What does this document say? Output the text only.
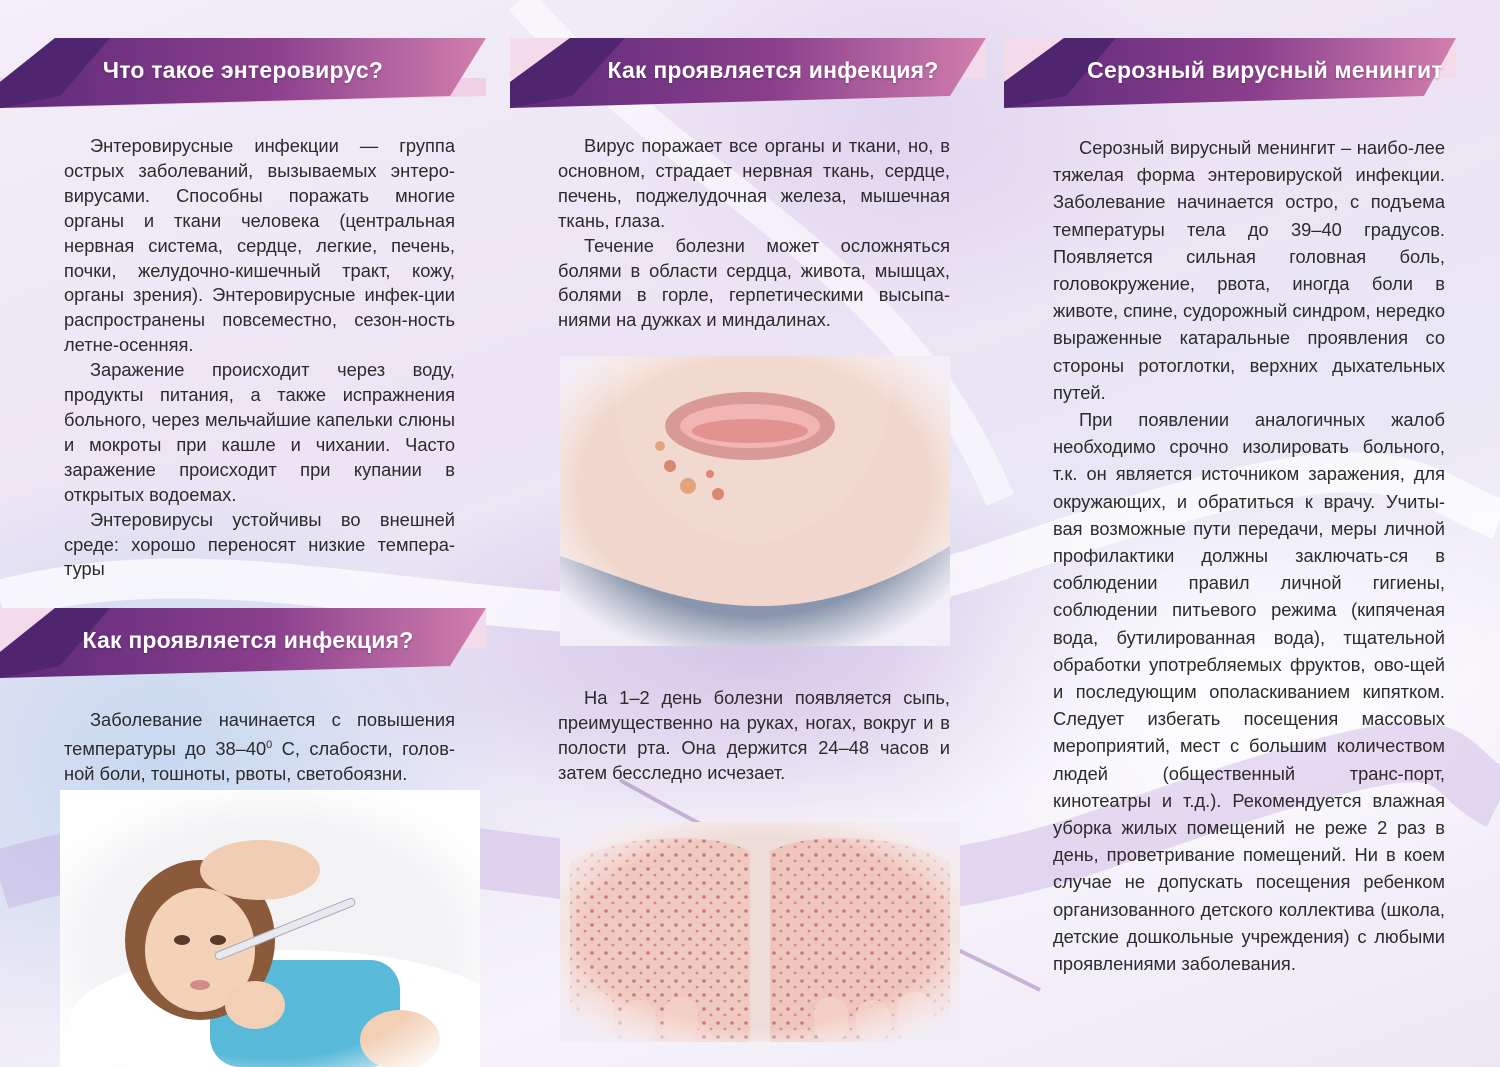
Что такое энтеровирус?	Как проявляется инфекция?	Серозный вирусный менингит
Как проявляется инфекция?

Энтеровирусные инфекции — группа острых заболеваний, вызываемых энтеро-вирусами. Способны поражать многие органы и ткани человека (центральная нервная система, сердце, легкие, печень, почки, желудочно-кишечный тракт, кожу, органы зрения). Энтеровирусные инфек-ции распространены повсеместно, сезон-ность летне-осенняя.

Заражение происходит через воду, продукты питания, а также испражнения больного, через мельчайшие капельки слюны и мокроты при кашле и чихании. Часто заражение происходит при купании в открытых водоемах.

Энтеровирусы устойчивы во внешней среде: хорошо переносят низкие темпера-туры

Заболевание начинается с повышения температуры до $38-40^0$ С, слабости, голов-ной боли, тошноты, рвоты, светобоязни.

Вирус поражает все органы и ткани, но, в основном, страдает нервная ткань, сердце, печень, поджелудочная железа, мышечная ткань, глаза.

Течение болезни может осложняться болями в области сердца, живота, мышцах, болями в горле, герпетическими высыпа-ниями на дужках и миндалинах.

На 1–2 день болезни появляется сыпь, преимущественно на руках, ногах, вокруг и в полости рта. Она держится 24–48 часов и затем бесследно исчезает.

Серозный вирусный менингит – наибо-лее тяжелая форма энтеровируской инфекции. Заболевание начинается остро, с подъема температуры тела до 39–40 градусов. Появляется сильная головная боль, головокружение, рвота, иногда боли в животе, спине, судорожный синдром, нередко выраженные катаральные проявления со стороны ротоглотки, верхних дыхательных путей.

При появлении аналогичных жалоб необходимо срочно изолировать больного, т.к. он является источником заражения, для окружающих, и обратиться к врачу. Учиты-вая возможные пути передачи, меры личной профилактики должны заключать-ся в соблюдении правил личной гигиены, соблюдении питьевого режима (кипяченая вода, бутилированная вода), тщательной обработки употребляемых фруктов, ово-щей и последующим ополаскиванием кипятком. Следует избегать посещения массовых мероприятий, мест с большим количеством людей (общественный транс-порт, кинотеатры и т.д.). Рекомендуется влажная уборка жилых помещений не реже 2 раз в день, проветривание помещений. Ни в коем случае не допускать посещения ребенком организованного детского коллектива (школа, детские дошкольные учреждения) с любыми проявлениями заболевания.
